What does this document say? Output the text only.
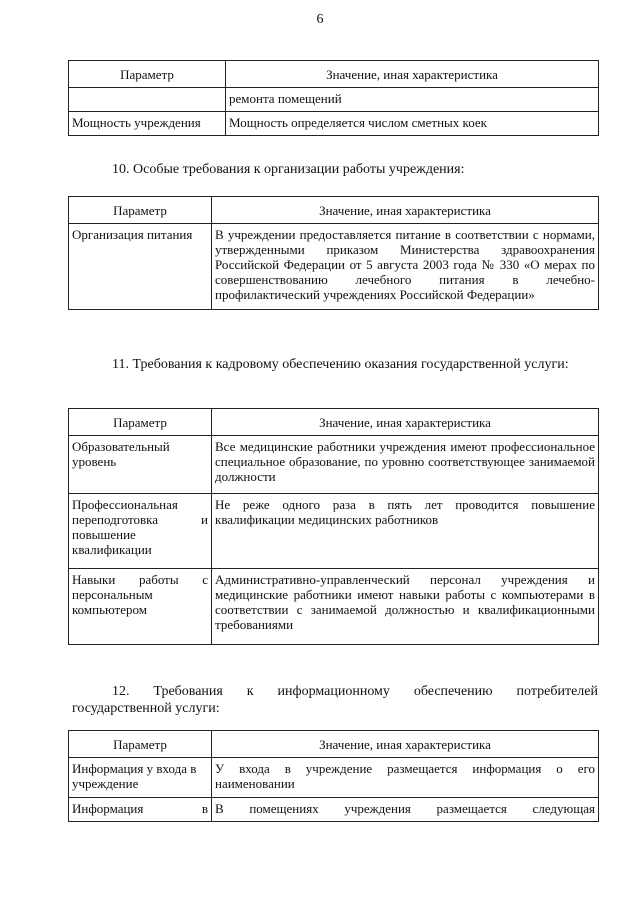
6
Параметр	Значение, иная характеристика
	ремонта помещений
Мощность учреждения	Мощность определяется числом сметных коек
10. Особые требования к организации работы учреждения:
Параметр	Значение, иная характеристика
Организация питания	В учреждении предоставляется питание в соответствии с нормами, утвержденными приказом Министерства здравоохранения Российской Федерации от 5 августа 2003 года № 330 «О мерах по совершенствованию лечебного питания в лечебно-профилактический учреждениях Российской Федерации»
11. Требования к кадровому обеспечению оказания государственной услуги:
Параметр	Значение, иная характеристика
Образовательный уровень	Все медицинские работники учреждения имеют профессиональное специальное образование, по уровню соответствующее занимаемой должности
Профессиональная переподготовка и повышение квалификации	Не реже одного раза в пять лет проводится повышение квалификации медицинских работников
Навыки работы с персональным компьютером	Административно-управленческий персонал учреждения и медицинские работники имеют навыки работы с компьютерами в соответствии с занимаемой должностью и квалификационными требованиями
12. Требования к информационному обеспечению потребителей государственной услуги:
Параметр	Значение, иная характеристика
Информация у входа в учреждение	У входа в учреждение размещается информация о его наименовании
Информация в	В помещениях учреждения размещается следующая
